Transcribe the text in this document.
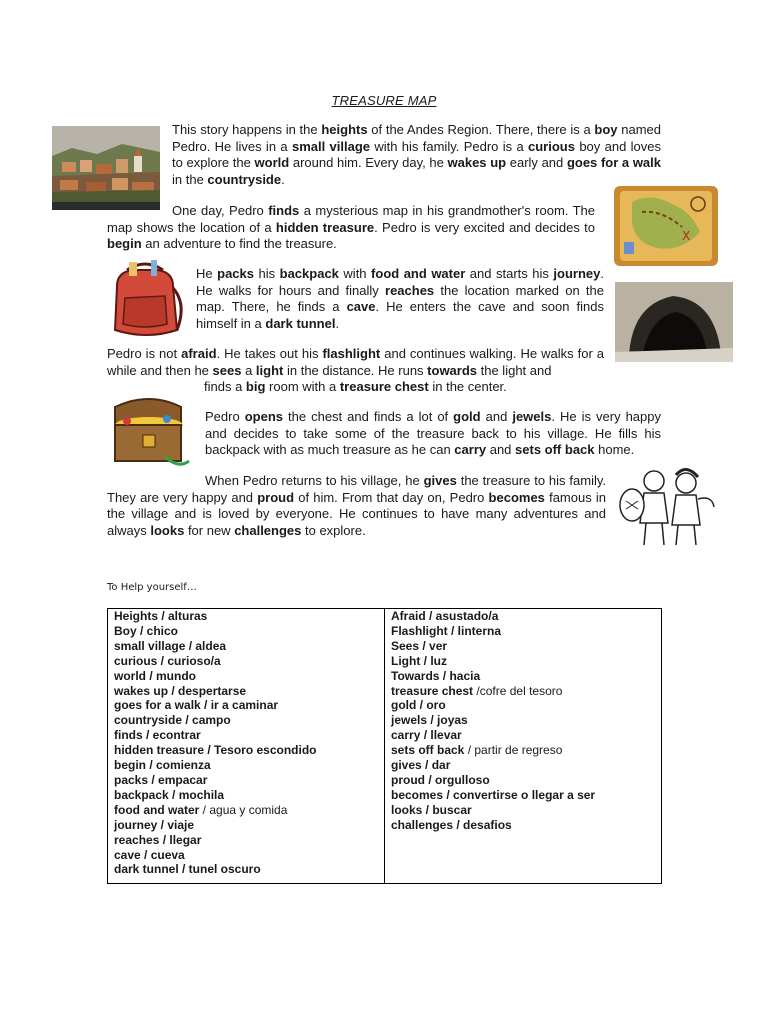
TREASURE MAP
X

This story happens in the heights of the Andes Region. There, there is a boy named Pedro. He lives in a small village with his family. Pedro is a curious boy and loves to explore the world around him. Every day, he wakes up early and goes for a walk in the countryside.

One day, Pedro finds a mysterious map in his grandmother's room. The map shows the location of a hidden treasure. Pedro is very excited and decides to begin an adventure to find the treasure.

He packs his backpack with food and water and starts his journey. He walks for hours and finally reaches the location marked on the map. There, he finds a cave. He enters the cave and soon finds himself in a dark tunnel.

Pedro is not afraid. He takes out his flashlight and continues walking. He walks for a while and then he sees a light in the distance. He runs towards the light and

finds a big room with a treasure chest in the center.

Pedro opens the chest and finds a lot of gold and jewels. He is very happy and decides to take some of the treasure back to his village. He fills his backpack with as much treasure as he can carry and sets off back home.

When Pedro returns to his village, he gives the treasure to his family. They are very happy and proud of him. From that day on, Pedro becomes famous in the village and is loved by everyone. He continues to have many adventures and always looks for new challenges to explore.

To Help yourself…
Heights / alturas
Boy / chico
small village / aldea
curious / curioso/a
world / mundo
wakes up / despertarse
goes for a walk / ir a caminar
countryside / campo
finds / econtrar
hidden treasure / Tesoro escondido
begin / comienza
packs / empacar
backpack / mochila
food and water / agua y comida
journey / viaje
reaches / llegar
cave / cueva
dark tunnel / tunel oscuro

Afraid / asustado/a
Flashlight / linterna
Sees / ver
Light / luz
Towards / hacia
treasure chest /cofre del tesoro
gold / oro
jewels / joyas
carry / llevar
sets off back / partir de regreso
gives / dar
proud / orgulloso
becomes / convertirse o llegar a ser
looks / buscar
challenges / desafios
